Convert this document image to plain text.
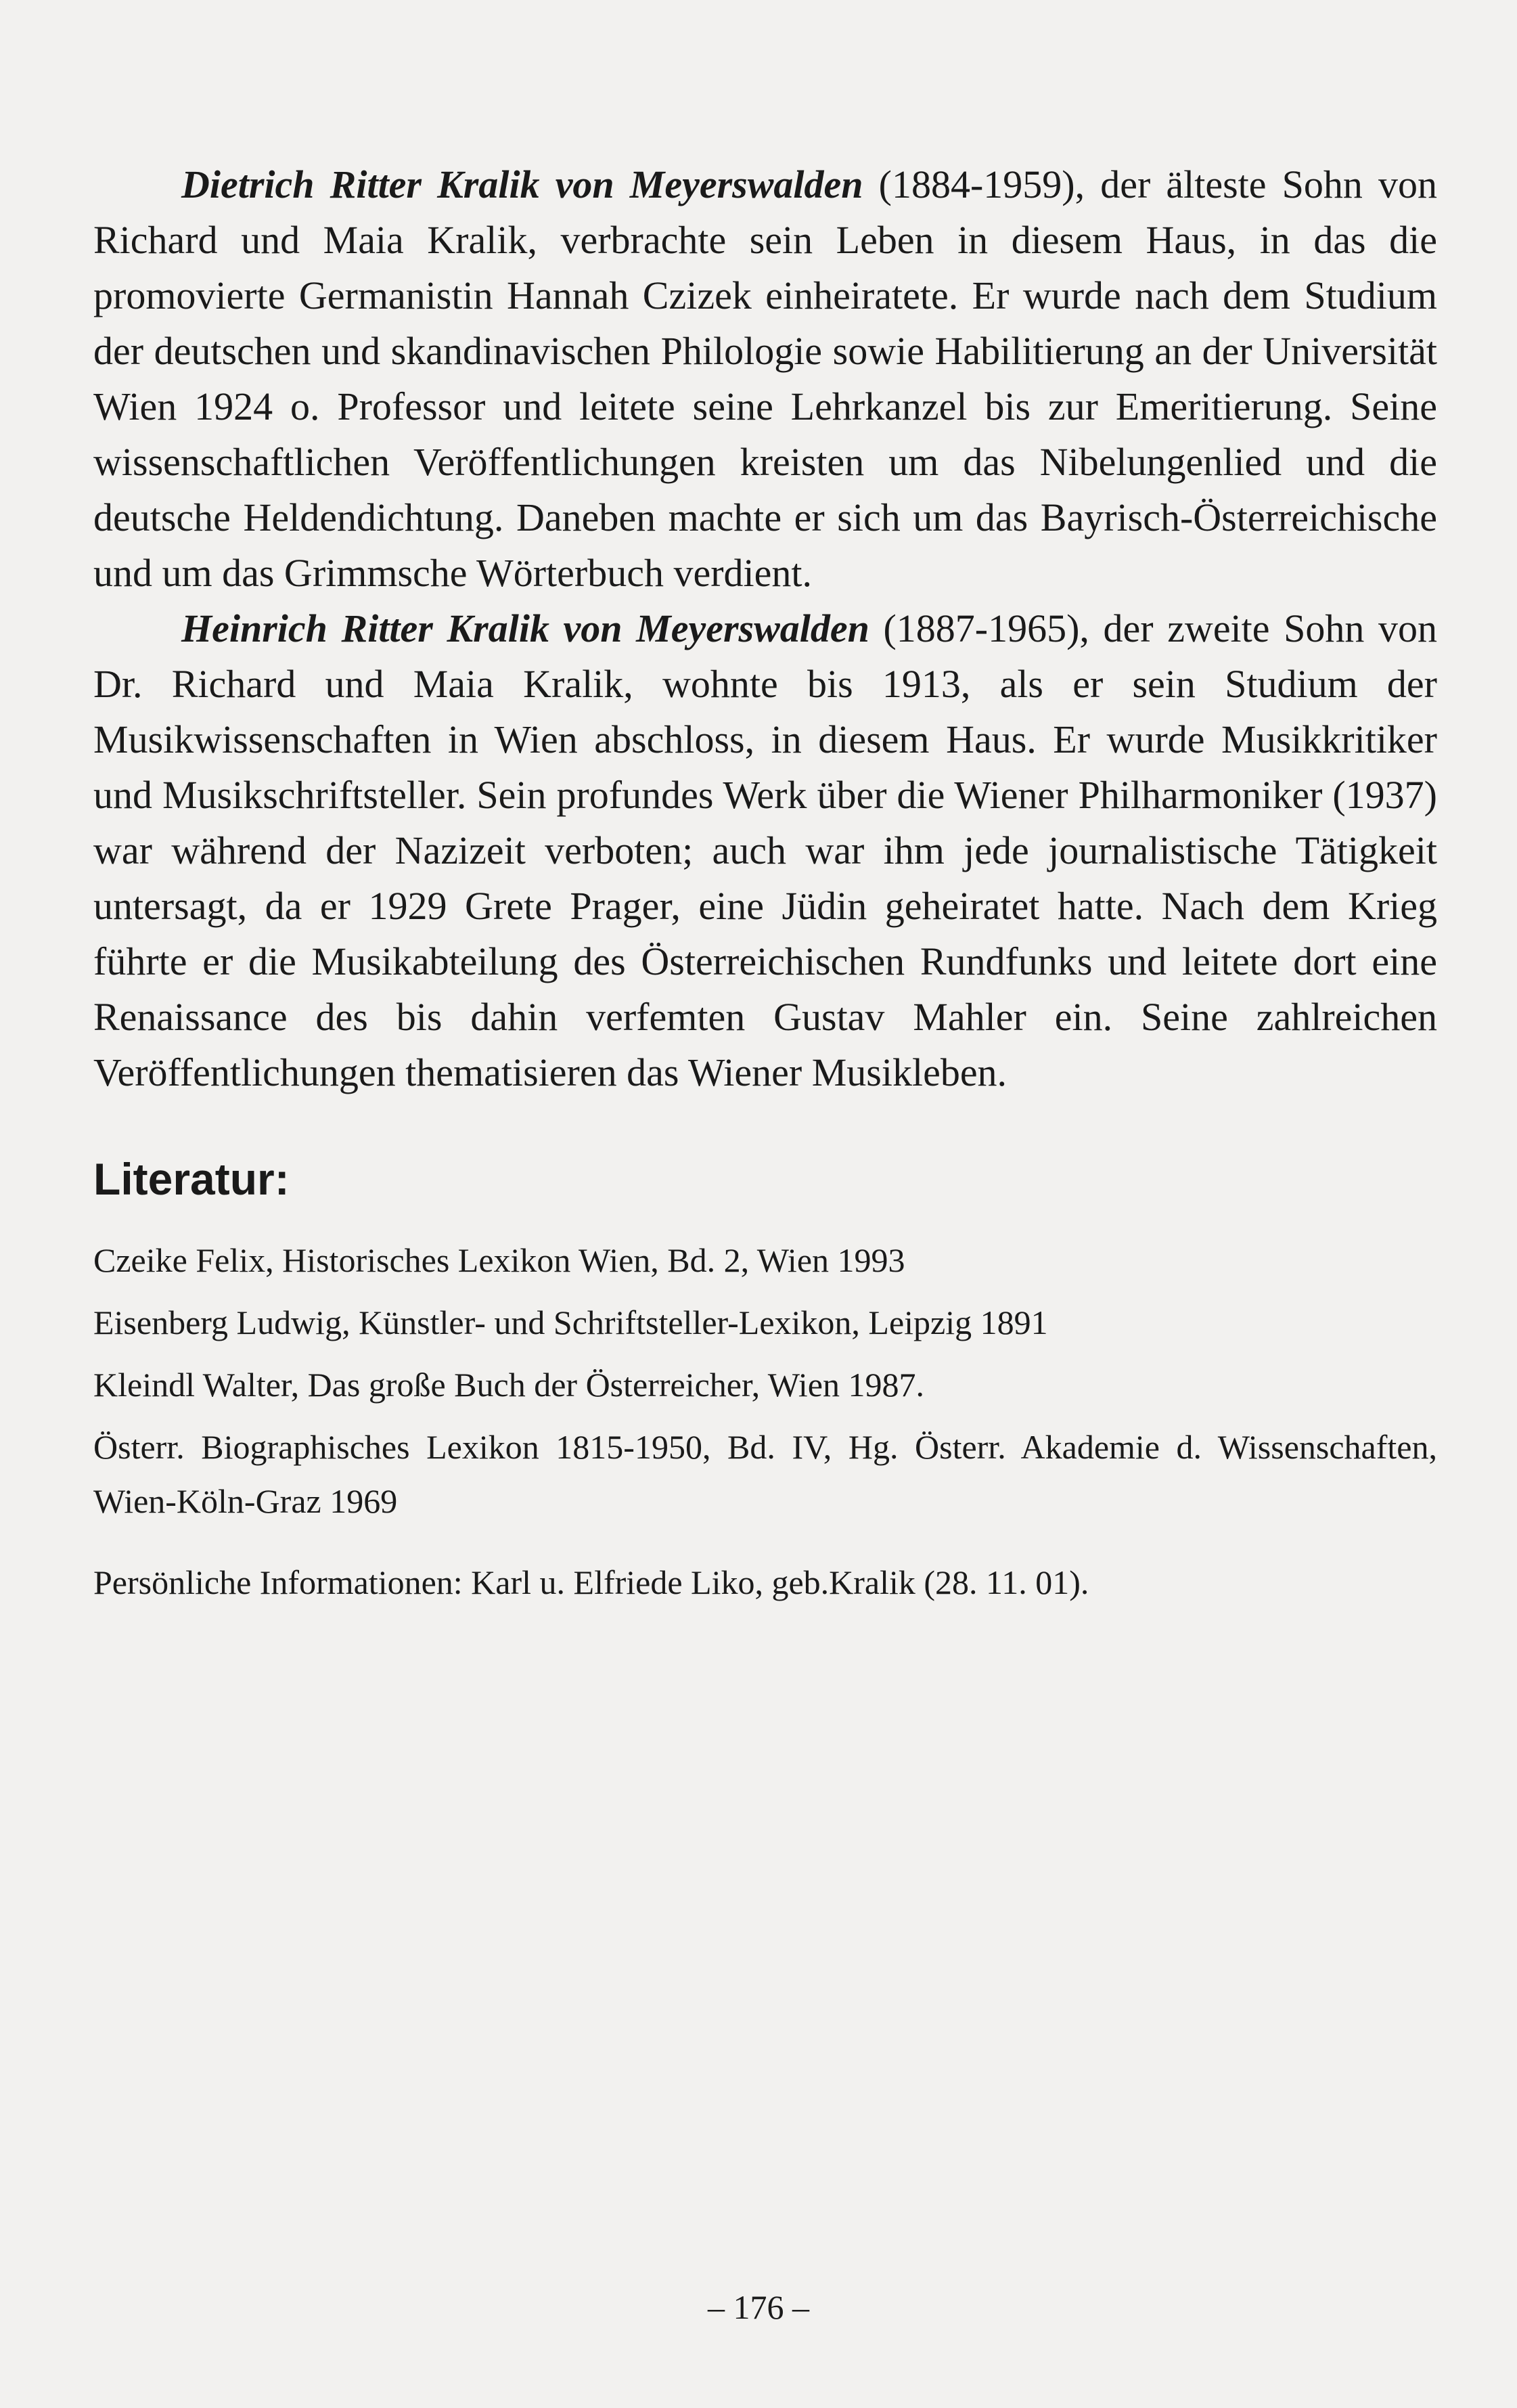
Dietrich Ritter Kralik von Meyerswalden (1884-1959), der älteste Sohn von Richard und Maia Kralik, verbrachte sein Leben in diesem Haus, in das die promovierte Germanistin Hannah Czizek einheiratete. Er wurde nach dem Studium der deutschen und skandinavischen Philologie sowie Habilitierung an der Universität Wien 1924 o. Professor und leitete seine Lehrkanzel bis zur Emeritierung. Seine wissenschaftlichen Veröffentlichungen kreisten um das Nibelungenlied und die deutsche Heldendichtung. Daneben machte er sich um das Bayrisch-Österreichische und um das Grimmsche Wörterbuch verdient.

Heinrich Ritter Kralik von Meyerswalden (1887-1965), der zweite Sohn von Dr. Richard und Maia Kralik, wohnte bis 1913, als er sein Studium der Musikwissenschaften in Wien abschloss, in diesem Haus. Er wurde Musikkritiker und Musikschriftsteller. Sein profundes Werk über die Wiener Philharmoniker (1937) war während der Nazizeit verboten; auch war ihm jede journalistische Tätigkeit untersagt, da er 1929 Grete Prager, eine Jüdin geheiratet hatte. Nach dem Krieg führte er die Musikabteilung des Österreichischen Rundfunks und leitete dort eine Renaissance des bis dahin verfemten Gustav Mahler ein. Seine zahlreichen Veröffentlichungen thematisieren das Wiener Musikleben.

Literatur:
Czeike Felix, Historisches Lexikon Wien, Bd. 2, Wien 1993
Eisenberg Ludwig, Künstler- und Schriftsteller-Lexikon, Leipzig 1891
Kleindl Walter, Das große Buch der Österreicher, Wien 1987.
Österr. Biographisches Lexikon 1815-1950, Bd. IV, Hg. Österr. Akademie d. Wissenschaften, Wien-Köln-Graz 1969
Persönliche Informationen: Karl u. Elfriede Liko, geb.Kralik (28. 11. 01).
– 176 –
